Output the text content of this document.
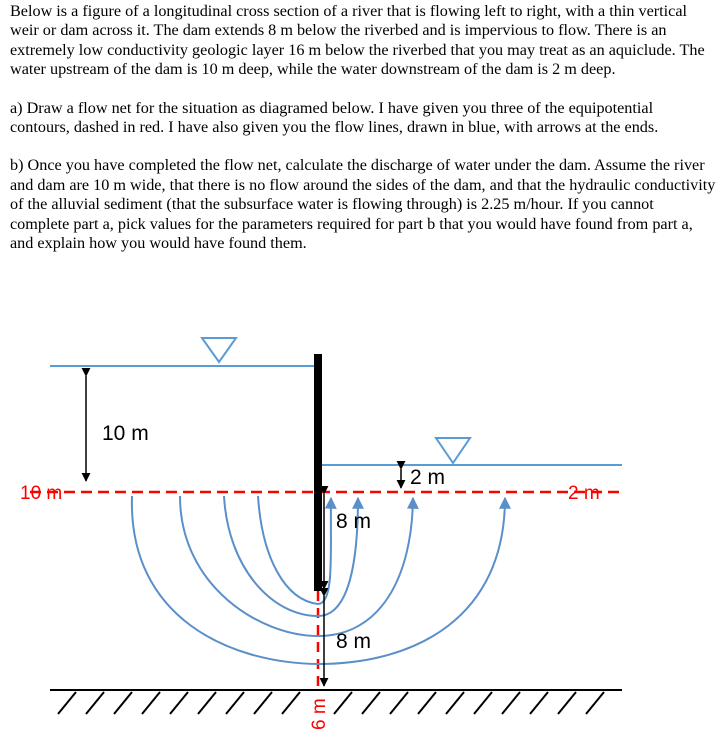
Below is a figure of a longitudinal cross section of a river that is flowing left to right, with a thin vertical weir or dam across it. The dam extends 8 m below the riverbed and is impervious to flow. There is an extremely low conductivity geologic layer 16 m below the riverbed that you may treat as an aquiclude. The water upstream of the dam is 10 m deep, while the water downstream of the dam is 2 m deep.

a) Draw a flow net for the situation as diagramed below. I have given you three of the equipotential contours, dashed in red. I have also given you the flow lines, drawn in blue, with arrows at the ends.

b) Once you have completed the flow net, calculate the discharge of water under the dam. Assume the river and dam are 10 m wide, that there is no flow around the sides of the dam, and that the hydraulic conductivity of the alluvial sediment (that the subsurface water is flowing through) is 2.25 m/hour. If you cannot complete part a, pick values for the parameters required for part b that you would have found from part a, and explain how you would have found them.

10 m
10 m	2 m
6 m
2 m
8 m
8 m
